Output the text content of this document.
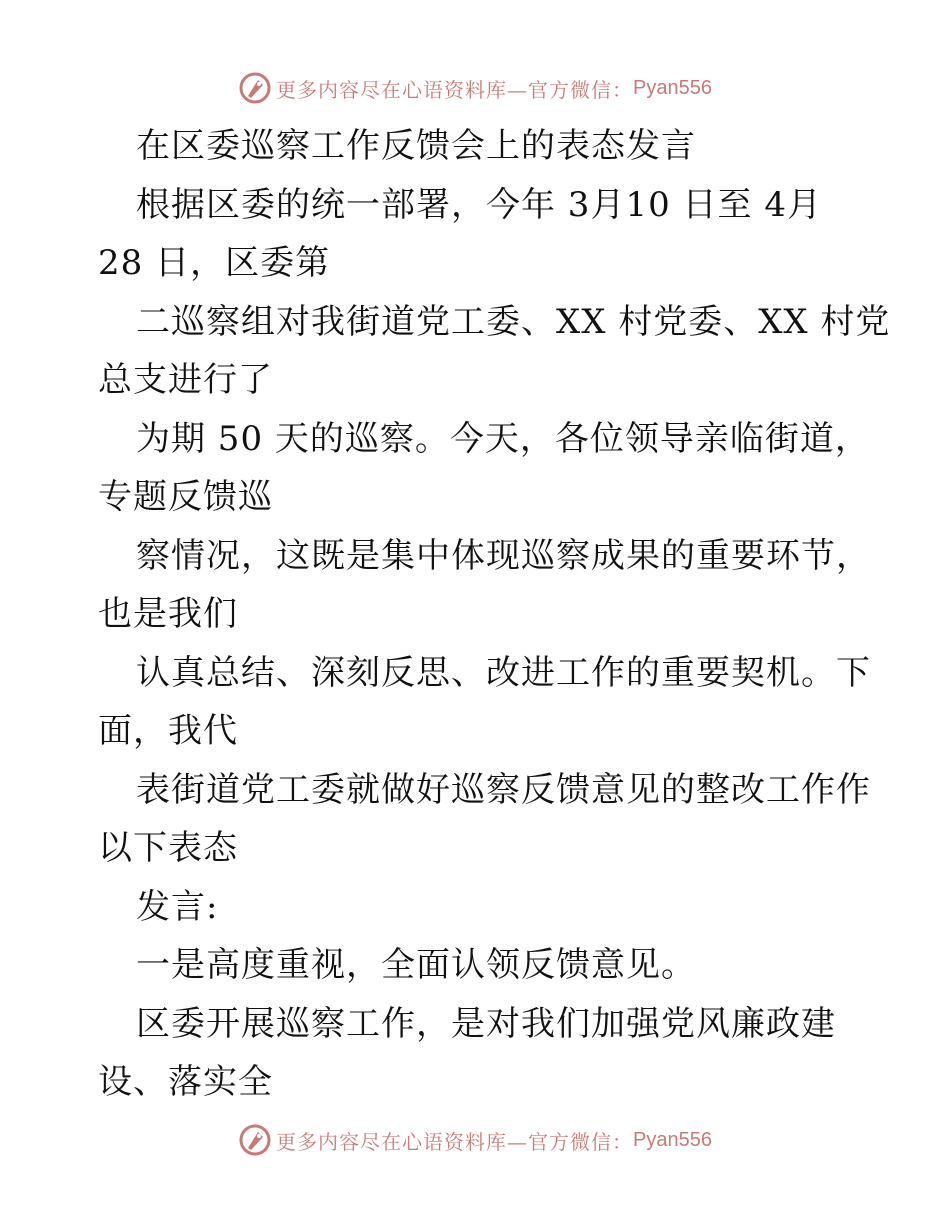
更多内容尽在心语资料库—官方微信： Pyan556
在区委巡察工作反馈会上的表态发言
根据区委的统一部署，今年 3月10 日至 4月
28 日，区委第
二巡察组对我街道党工委、XX 村党委、XX 村党
总支进行了
为期 50 天的巡察。今天，各位领导亲临街道，
专题反馈巡
察情况，这既是集中体现巡察成果的重要环节，
也是我们
认真总结、深刻反思、改进工作的重要契机。下
面，我代
表街道党工委就做好巡察反馈意见的整改工作作
以下表态
发言:
一是高度重视，全面认领反馈意见。
区委开展巡察工作，是对我们加强党风廉政建
设、落实全
更多内容尽在心语资料库—官方微信： Pyan556
